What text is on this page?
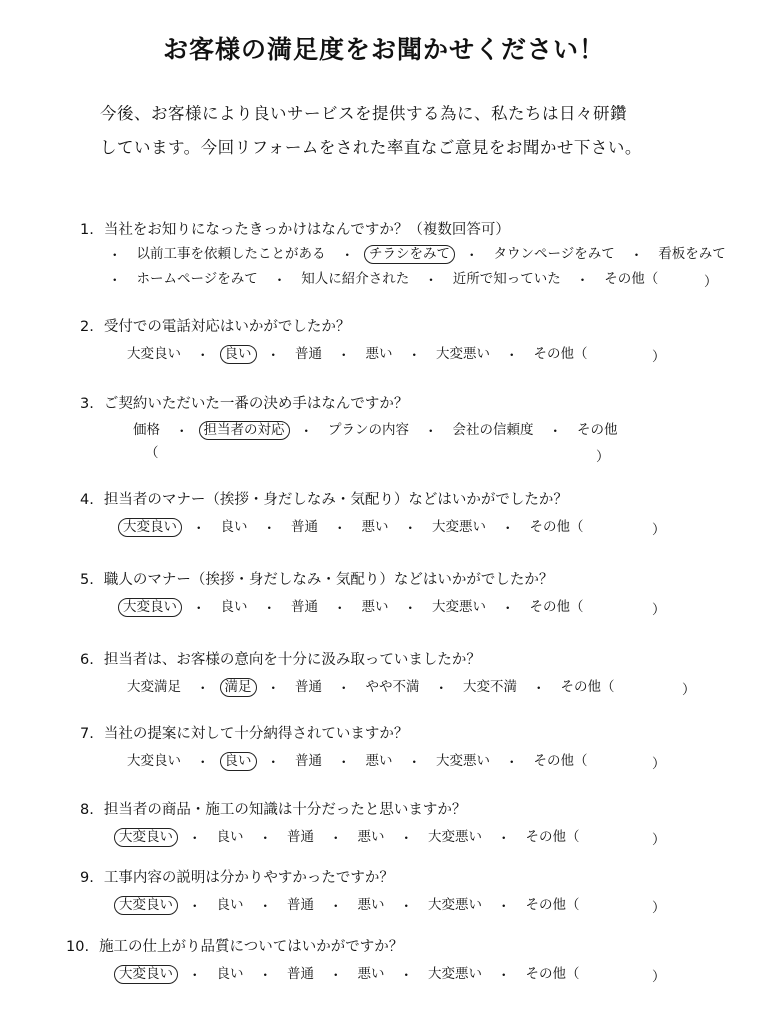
お客様の満足度をお聞かせください！
今後、お客様により良いサービスを提供する為に、私たちは日々研鑽
しています。今回リフォームをされた率直なご意見をお聞かせ下さい。
1. 当社をお知りになったきっかけはなんですか？（複数回答可）
・	以前工事を依頼したことがある	・	チラシをみて	・	タウンページをみて	・	看板をみて
・	ホームページをみて	・	知人に紹介された	・	近所で知っていた	・	その他（	）
2. 受付での電話対応はいかがでしたか？
大変良い	・	良い	・	普通	・	悪い	・	大変悪い	・	その他（	）
3. ご契約いただいた一番の決め手はなんですか？
価格	・	担当者の対応	・	プランの内容	・	会社の信頼度	・	その他
（	）
4. 担当者のマナー（挨拶・身だしなみ・気配り）などはいかがでしたか？
大変良い	・	良い	・	普通	・	悪い	・	大変悪い	・	その他（	）
5. 職人のマナー（挨拶・身だしなみ・気配り）などはいかがでしたか？
大変良い	・	良い	・	普通	・	悪い	・	大変悪い	・	その他（	）
6. 担当者は、お客様の意向を十分に汲み取っていましたか？
大変満足	・	満足	・	普通	・	やや不満	・	大変不満	・	その他（	）
7. 当社の提案に対して十分納得されていますか？
大変良い	・	良い	・	普通	・	悪い	・	大変悪い	・	その他（	）
8. 担当者の商品・施工の知識は十分だったと思いますか？
大変良い	・	良い	・	普通	・	悪い	・	大変悪い	・	その他（	）
9. 工事内容の説明は分かりやすかったですか？
大変良い	・	良い	・	普通	・	悪い	・	大変悪い	・	その他（	）
10. 施工の仕上がり品質についてはいかがですか？
大変良い	・	良い	・	普通	・	悪い	・	大変悪い	・	その他（	）
